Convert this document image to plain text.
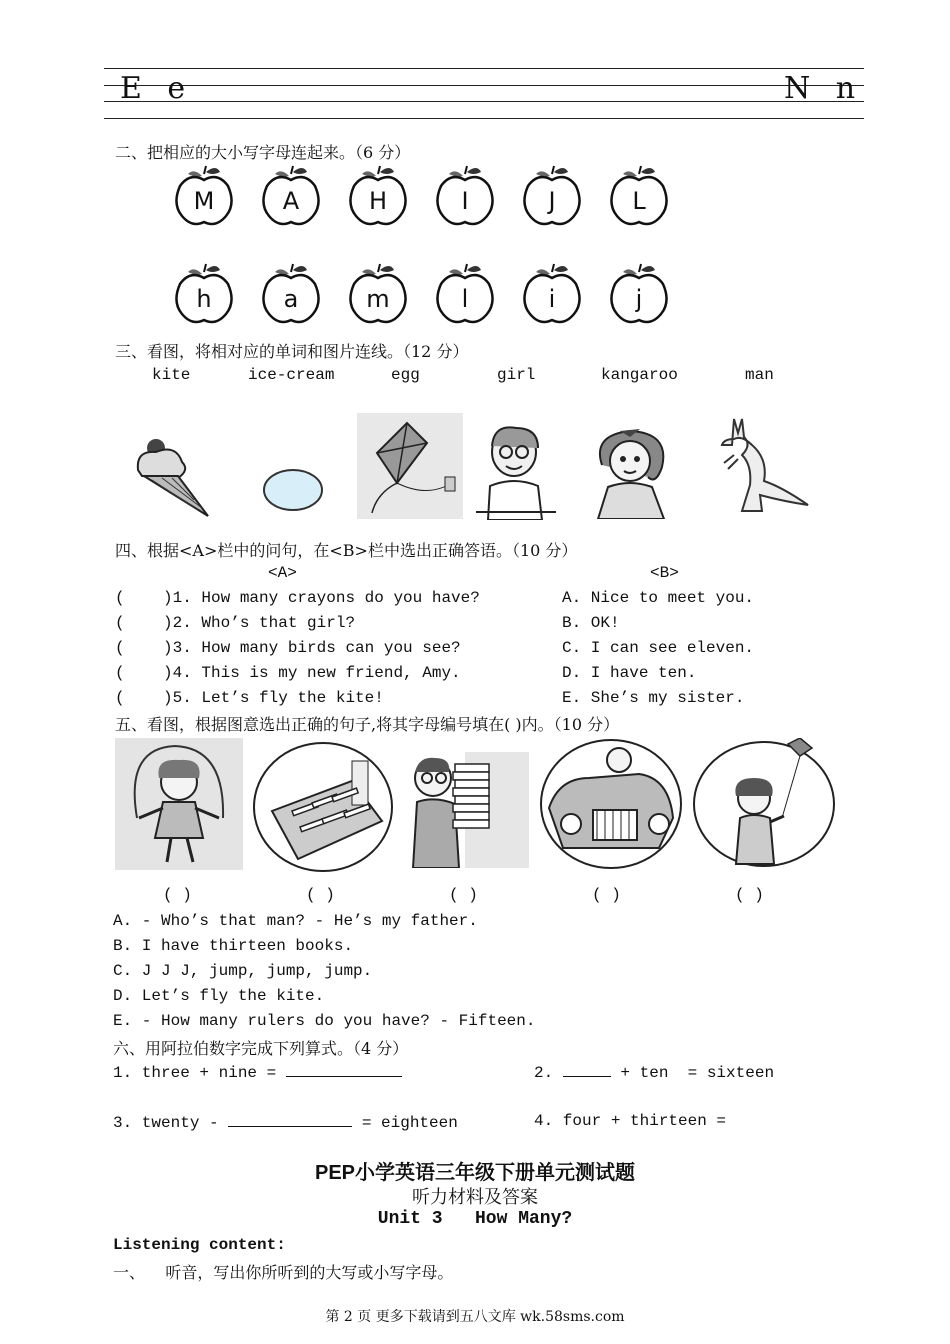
E e	N n
二、把相应的大小写字母连起来。（6 分）
M	A	H	I	J	L
h	a	m	l	i	j
三、看图，将相对应的单词和图片连线。（12 分）
kite	ice-cream	egg	girl	kangaroo	man
四、根据<A>栏中的问句，在<B>栏中选出正确答语。（10 分）
<A>	<B>
(    )1. How many crayons do you have?	A. Nice to meet you.
(    )2. Who’s that girl?	B. OK!
(    )3. How many birds can you see?	C. I can see eleven.
(    )4. This is my new friend, Amy.	D. I have ten.
(    )5. Let’s fly the kite!	E. She’s my sister.
五、看图，根据图意选出正确的句子,将其字母编号填在( )内。（10 分）
( )	( )	( )	( )	( )
A. - Who’s that man? - He’s my father.
B. I have thirteen books.
C. J J J, jump, jump, jump.
D. Let’s fly the kite.
E. - How many rulers do you have? - Fifteen.
六、用阿拉伯数字完成下列算式。（4 分）
1. three + nine =	2.	+ ten  = sixteen
3. twenty -	= eighteen	4. four + thirteen =
PEP小学英语三年级下册单元测试题
听力材料及答案
Unit 3   How Many?
Listening content:
一、    听音，写出你所听到的大写或小写字母。
第 2 页 更多下载请到五八文库 wk.58sms.com
